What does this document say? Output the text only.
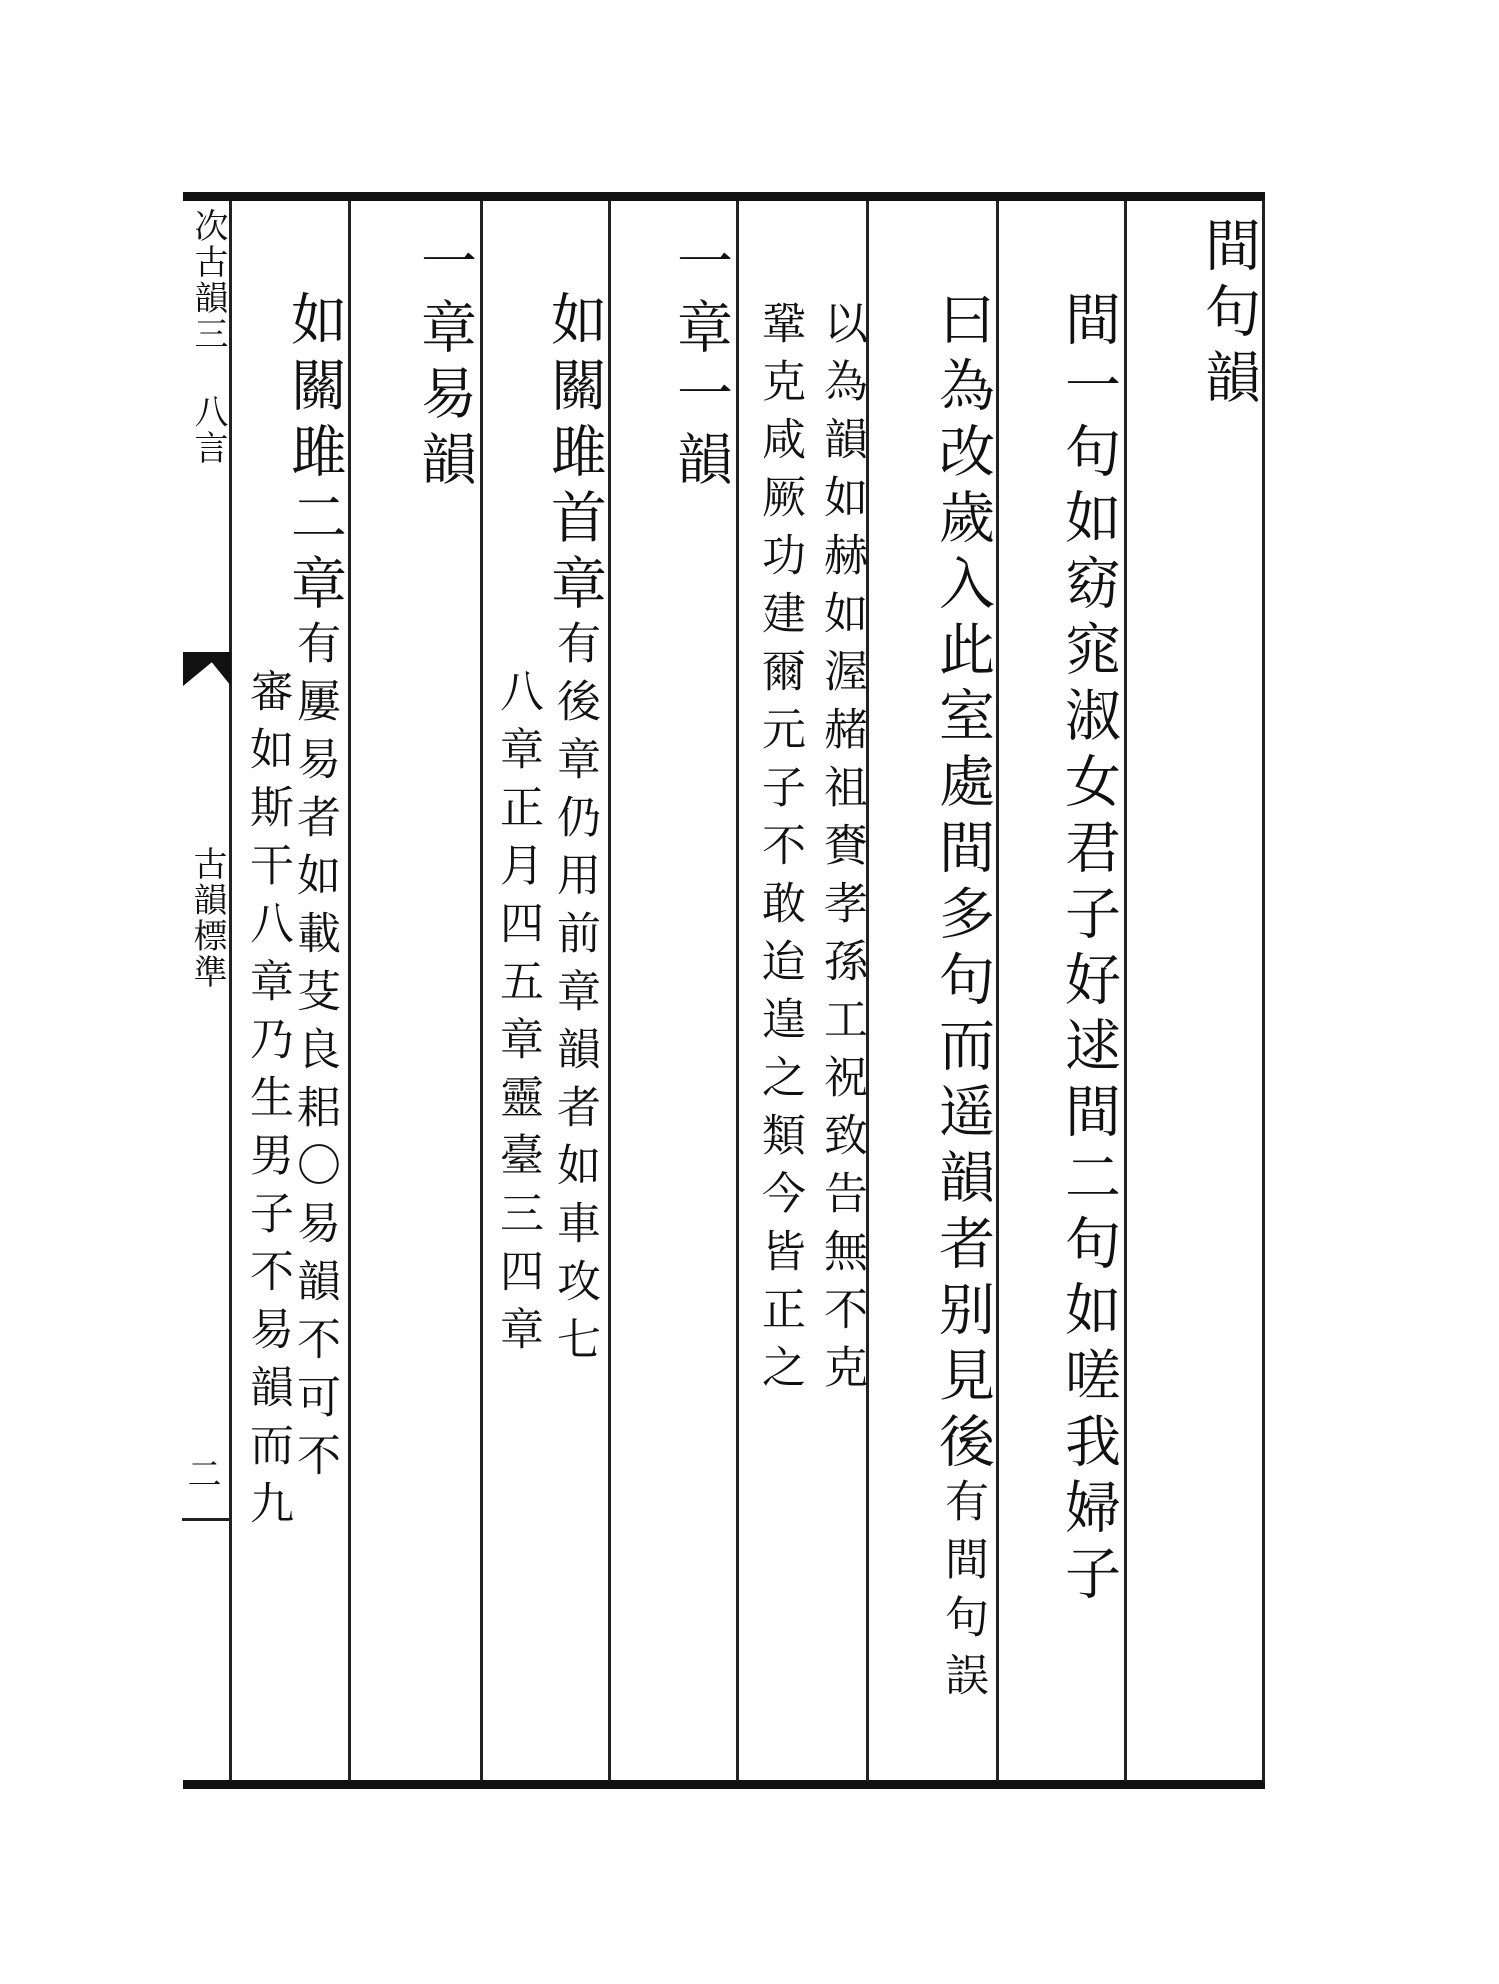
次古韻三 八言
古韻標準
二
間句韻
間一句如窈窕淑女君子好逑間二句如嗟我婦子
曰為改歲入此室處間多句而遥韻者别見後有間句誤
以為韻如赫如渥赭祖賚孝孫工祝致告無不克
鞏克咸厥功建爾元子不敢迨遑之類今皆正之
一章一韻
如關雎首章有後章仍用前章韻者如車攻七
八章正月四五章靈臺三四章
一章易韻
如關雎二章有屢易者如載芟良耜〇易韻不可不
審如斯干八章乃生男子不易韻而九
